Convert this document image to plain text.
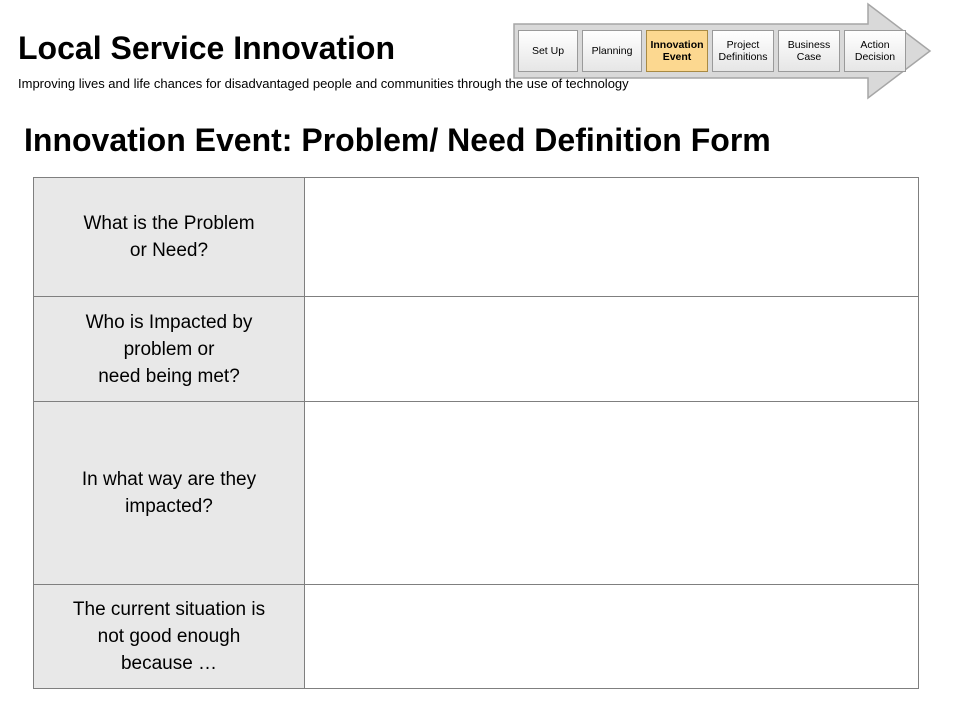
Local Service Innovation
Improving lives and life chances for disadvantaged people and communities through the use of technology
Set Up	Planning	Innovation Event
Project Definitions
Business Case
Action Decision
Innovation Event: Problem/ Need Definition Form
What is the Problem
or Need?	
Who is Impacted by
problem or
need being met?	
In what way are they
impacted?	
The current situation is
not good enough
because …	
